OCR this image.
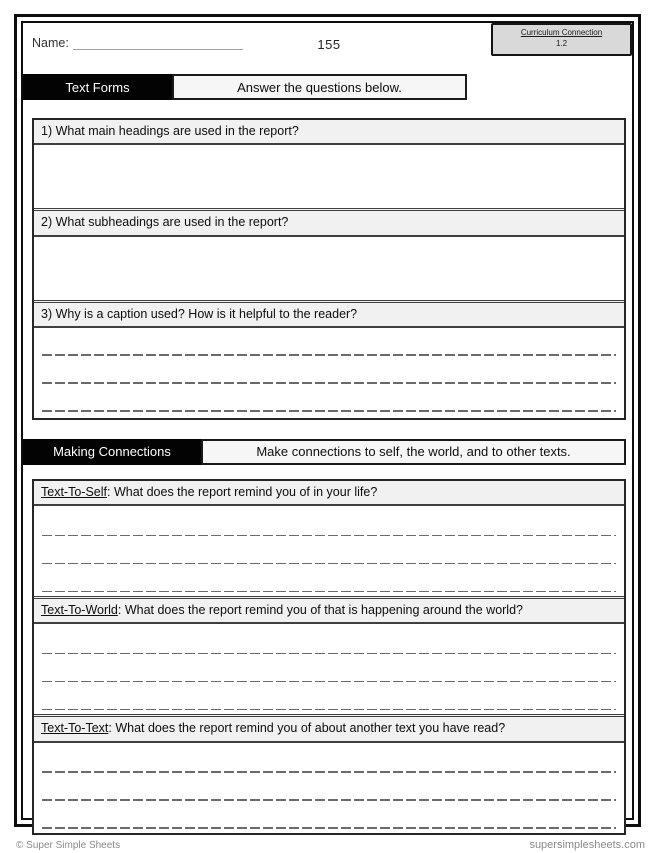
Curriculum Connection
1.2
Name:	155
Text Forms	Answer the questions below.
1) What main headings are used in the report?
2) What subheadings are used in the report?
3) Why is a caption used? How is it helpful to the reader?
Making Connections	Make connections to self, the world, and to other texts.
Text-To-Self: What does the report remind you of in your life?
Text-To-World: What does the report remind you of that is happening around the world?
Text-To-Text: What does the report remind you of about another text you have read?
© Super Simple Sheets	supersimplesheets.com
